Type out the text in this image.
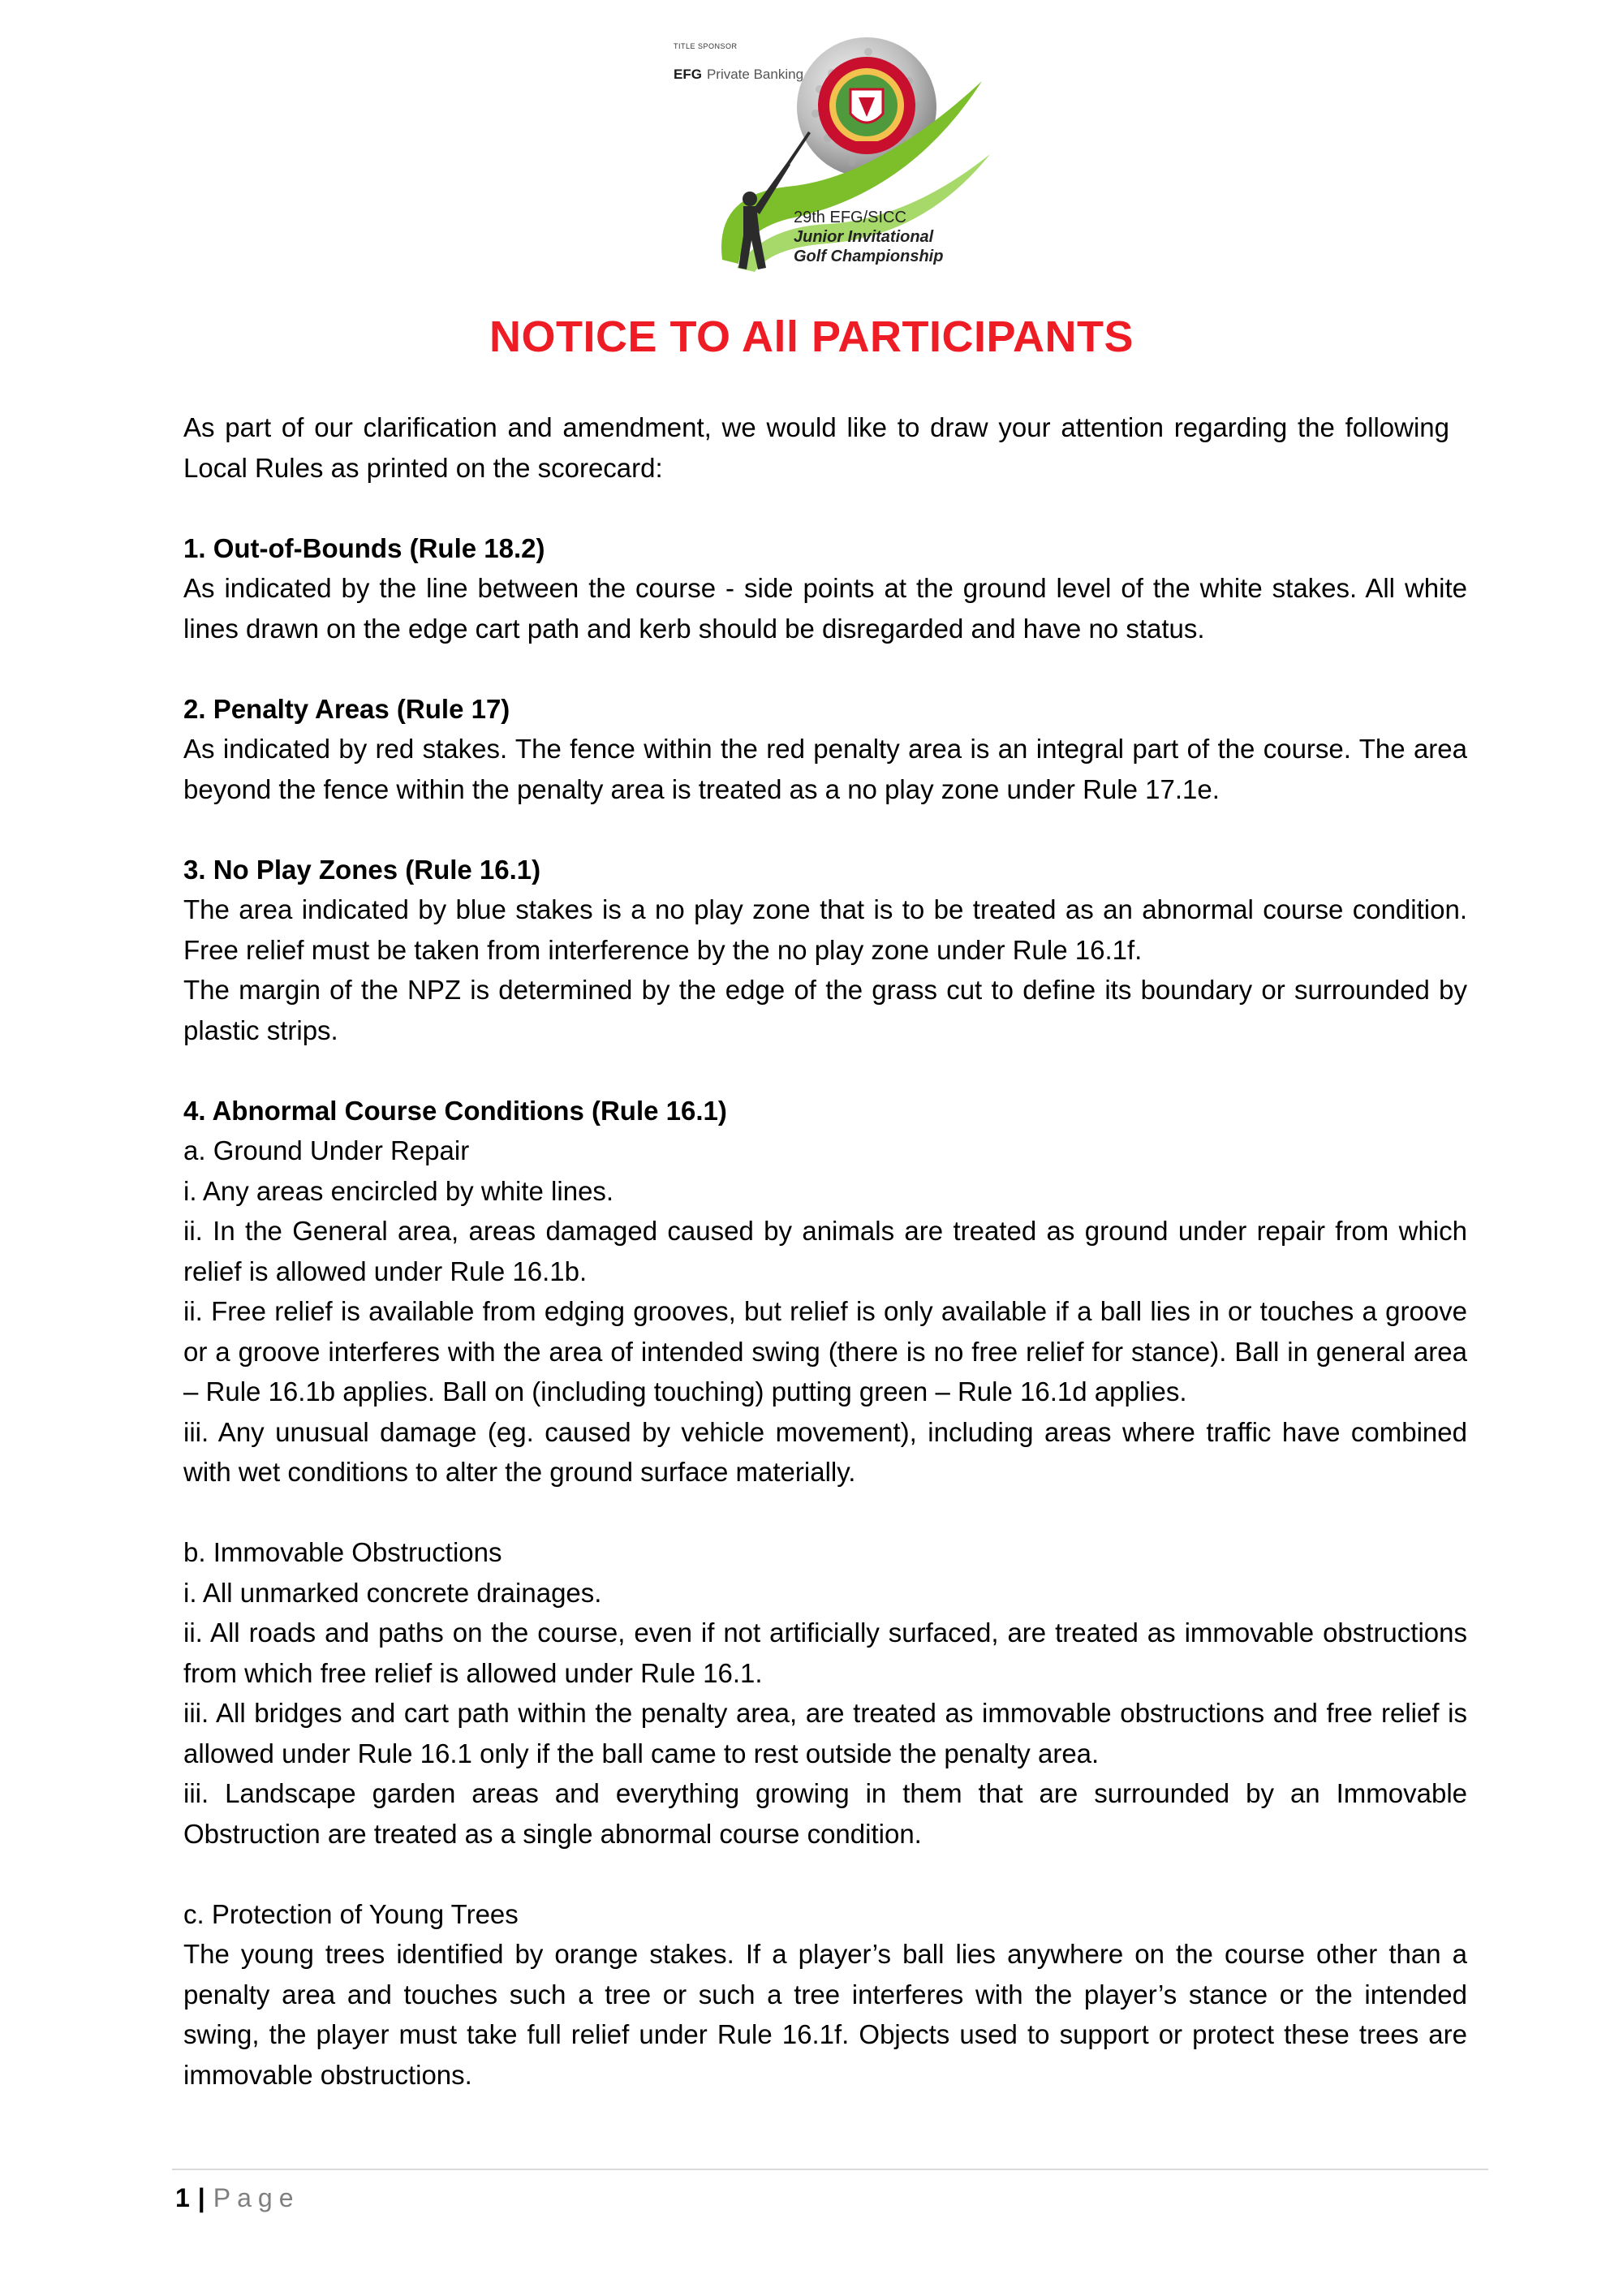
TITLE SPONSOR
EFG Private Banking
29th EFG/SICC
Junior Invitational
Golf Championship
NOTICE TO All PARTICIPANTS

As part of our clarification and amendment, we would like to draw your attention regarding the following Local Rules as printed on the scorecard:

1. Out-of-Bounds (Rule 18.2)

As indicated by the line between the course - side points at the ground level of the white stakes. All white lines drawn on the edge cart path and kerb should be disregarded and have no status.

2. Penalty Areas (Rule 17)

As indicated by red stakes. The fence within the red penalty area is an integral part of the course. The area beyond the fence within the penalty area is treated as a no play zone under Rule 17.1e.

3. No Play Zones (Rule 16.1)

The area indicated by blue stakes is a no play zone that is to be treated as an abnormal course condition. Free relief must be taken from interference by the no play zone under Rule 16.1f.

The margin of the NPZ is determined by the edge of the grass cut to define its boundary or surrounded by plastic strips.

4. Abnormal Course Conditions (Rule 16.1)

a. Ground Under Repair

i. Any areas encircled by white lines.

ii. In the General area, areas damaged caused by animals are treated as ground under repair from which relief is allowed under Rule 16.1b.

ii. Free relief is available from edging grooves, but relief is only available if a ball lies in or touches a groove or a groove interferes with the area of intended swing (there is no free relief for stance). Ball in general area – Rule 16.1b applies. Ball on (including touching) putting green – Rule 16.1d applies.

iii. Any unusual damage (eg. caused by vehicle movement), including areas where traffic have combined with wet conditions to alter the ground surface materially.

b. Immovable Obstructions

i. All unmarked concrete drainages.

ii. All roads and paths on the course, even if not artificially surfaced, are treated as immovable obstructions from which free relief is allowed under Rule 16.1.

iii. All bridges and cart path within the penalty area, are treated as immovable obstructions and free relief is allowed under Rule 16.1 only if the ball came to rest outside the penalty area.

iii. Landscape garden areas and everything growing in them that are surrounded by an Immovable Obstruction are treated as a single abnormal course condition.

c. Protection of Young Trees

The young trees identified by orange stakes. If a player’s ball lies anywhere on the course other than a penalty area and touches such a tree or such a tree interferes with the player’s stance or the intended swing, the player must take full relief under Rule 16.1f. Objects used to support or protect these trees are immovable obstructions.

1 | Page
